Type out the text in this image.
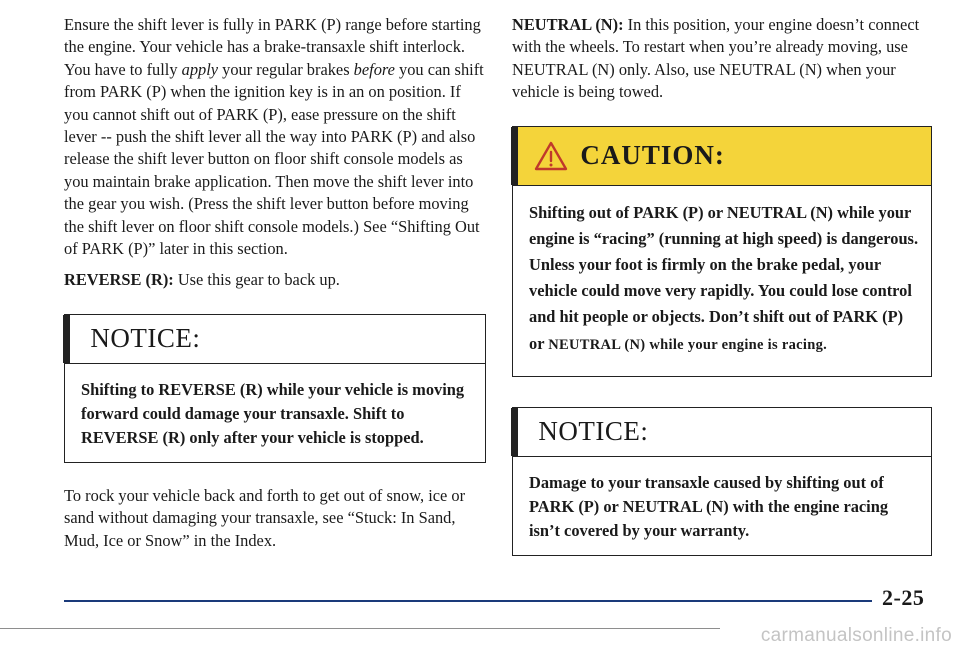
Ensure the shift lever is fully in PARK (P) range before starting the engine. Your vehicle has a brake-transaxle shift interlock. You have to fully apply your regular brakes before you can shift from PARK (P) when the ignition key is in an on position. If you cannot shift out of PARK (P), ease pressure on the shift lever -- push the shift lever all the way into PARK (P) and also release the shift lever button on floor shift console models as you maintain brake application. Then move the shift lever into the gear you wish. (Press the shift lever button before moving the shift lever on floor shift console models.) See “Shifting Out of PARK (P)” later in this section.

REVERSE (R): Use this gear to back up.

NOTICE:
Shifting to REVERSE (R) while your vehicle is moving forward could damage your transaxle. Shift to REVERSE (R) only after your vehicle is stopped.

To rock your vehicle back and forth to get out of snow, ice or sand without damaging your transaxle, see “Stuck: In Sand, Mud, Ice or Snow” in the Index.

NEUTRAL (N): In this position, your engine doesn’t connect with the wheels. To restart when you’re already moving, use NEUTRAL (N) only. Also, use NEUTRAL (N) when your vehicle is being towed.

CAUTION:
Shifting out of PARK (P) or NEUTRAL (N) while your engine is “racing” (running at high speed) is dangerous. Unless your foot is firmly on the brake pedal, your vehicle could move very rapidly. You could lose control and hit people or objects. Don’t shift out of PARK (P) or NEUTRAL (N) while your engine is racing.
NOTICE:
Damage to your transaxle caused by shifting out of PARK (P) or NEUTRAL (N) with the engine racing isn’t covered by your warranty.
2-25
carmanualsonline.info
